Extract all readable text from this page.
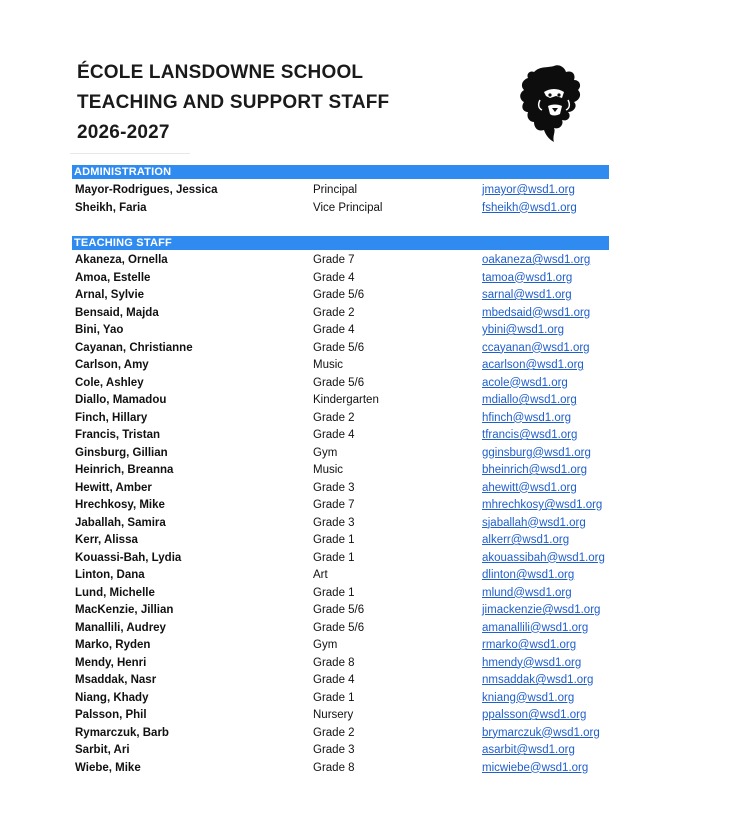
ÉCOLE LANSDOWNE SCHOOL
TEACHING AND SUPPORT STAFF
2026-2027
ADMINISTRATION
Mayor-Rodrigues, Jessica	Principal	jmayor@wsd1.org
Sheikh, Faria	Vice Principal	fsheikh@wsd1.org
TEACHING STAFF
Akaneza, Ornella	Grade 7	oakaneza@wsd1.org
Amoa, Estelle	Grade 4	tamoa@wsd1.org
Arnal, Sylvie	Grade 5/6	sarnal@wsd1.org
Bensaid, Majda	Grade 2	mbedsaid@wsd1.org
Bini, Yao	Grade 4	ybini@wsd1.org
Cayanan, Christianne	Grade 5/6	ccayanan@wsd1.org
Carlson, Amy	Music	acarlson@wsd1.org
Cole, Ashley	Grade 5/6	acole@wsd1.org
Diallo, Mamadou	Kindergarten	mdiallo@wsd1.org
Finch, Hillary	Grade 2	hfinch@wsd1.org
Francis, Tristan	Grade 4	tfrancis@wsd1.org
Ginsburg, Gillian	Gym	gginsburg@wsd1.org
Heinrich, Breanna	Music	bheinrich@wsd1.org
Hewitt, Amber	Grade 3	ahewitt@wsd1.org
Hrechkosy, Mike	Grade 7	mhrechkosy@wsd1.org
Jaballah, Samira	Grade 3	sjaballah@wsd1.org
Kerr, Alissa	Grade 1	alkerr@wsd1.org
Kouassi-Bah, Lydia	Grade 1	akouassibah@wsd1.org
Linton, Dana	Art	dlinton@wsd1.org
Lund, Michelle	Grade 1	mlund@wsd1.org
MacKenzie, Jillian	Grade 5/6	jimackenzie@wsd1.org
Manallili, Audrey	Grade 5/6	amanallili@wsd1.org
Marko, Ryden	Gym	rmarko@wsd1.org
Mendy, Henri	Grade 8	hmendy@wsd1.org
Msaddak, Nasr	Grade 4	nmsaddak@wsd1.org
Niang, Khady	Grade 1	kniang@wsd1.org
Palsson, Phil	Nursery	ppalsson@wsd1.org
Rymarczuk, Barb	Grade 2	brymarczuk@wsd1.org
Sarbit, Ari	Grade 3	asarbit@wsd1.org
Wiebe, Mike	Grade 8	micwiebe@wsd1.org
